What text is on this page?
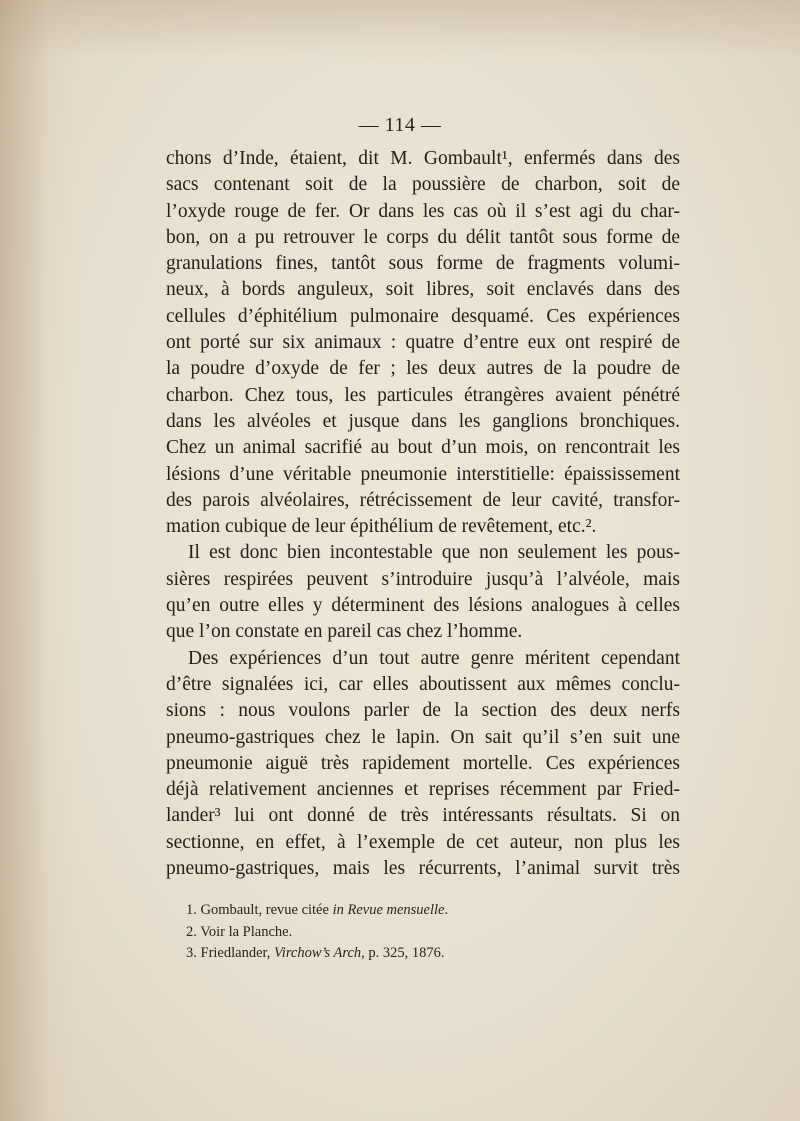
— 114 —
chons d’Inde, étaient, dit M. Gombault¹, enfermés dans des
sacs contenant soit de la poussière de charbon, soit de
l’oxyde rouge de fer. Or dans les cas où il s’est agi du char-
bon, on a pu retrouver le corps du délit tantôt sous forme de
granulations fines, tantôt sous forme de fragments volumi-
neux, à bords anguleux, soit libres, soit enclavés dans des
cellules d’éphitélium pulmonaire desquamé. Ces expériences
ont porté sur six animaux : quatre d’entre eux ont respiré de
la poudre d’oxyde de fer ; les deux autres de la poudre de
charbon. Chez tous, les particules étrangères avaient pénétré
dans les alvéoles et jusque dans les ganglions bronchiques.
Chez un animal sacrifié au bout d’un mois, on rencontrait les
lésions d’une véritable pneumonie interstitielle: épaississement
des parois alvéolaires, rétrécissement de leur cavité, transfor-
mation cubique de leur épithélium de revêtement, etc.².
Il est donc bien incontestable que non seulement les pous-
sières respirées peuvent s’introduire jusqu’à l’alvéole, mais
qu’en outre elles y déterminent des lésions analogues à celles
que l’on constate en pareil cas chez l’homme.
Des expériences d’un tout autre genre méritent cependant
d’être signalées ici, car elles aboutissent aux mêmes conclu-
sions : nous voulons parler de la section des deux nerfs
pneumo-gastriques chez le lapin. On sait qu’il s’en suit une
pneumonie aiguë très rapidement mortelle. Ces expériences
déjà relativement anciennes et reprises récemment par Fried-
lander³ lui ont donné de très intéressants résultats. Si on
sectionne, en effet, à l’exemple de cet auteur, non plus les
pneumo-gastriques, mais les récurrents, l’animal survit très
1. Gombault, revue citée in Revue mensuelle.
2. Voir la Planche.
3. Friedlander, Virchow’s Arch, p. 325, 1876.
